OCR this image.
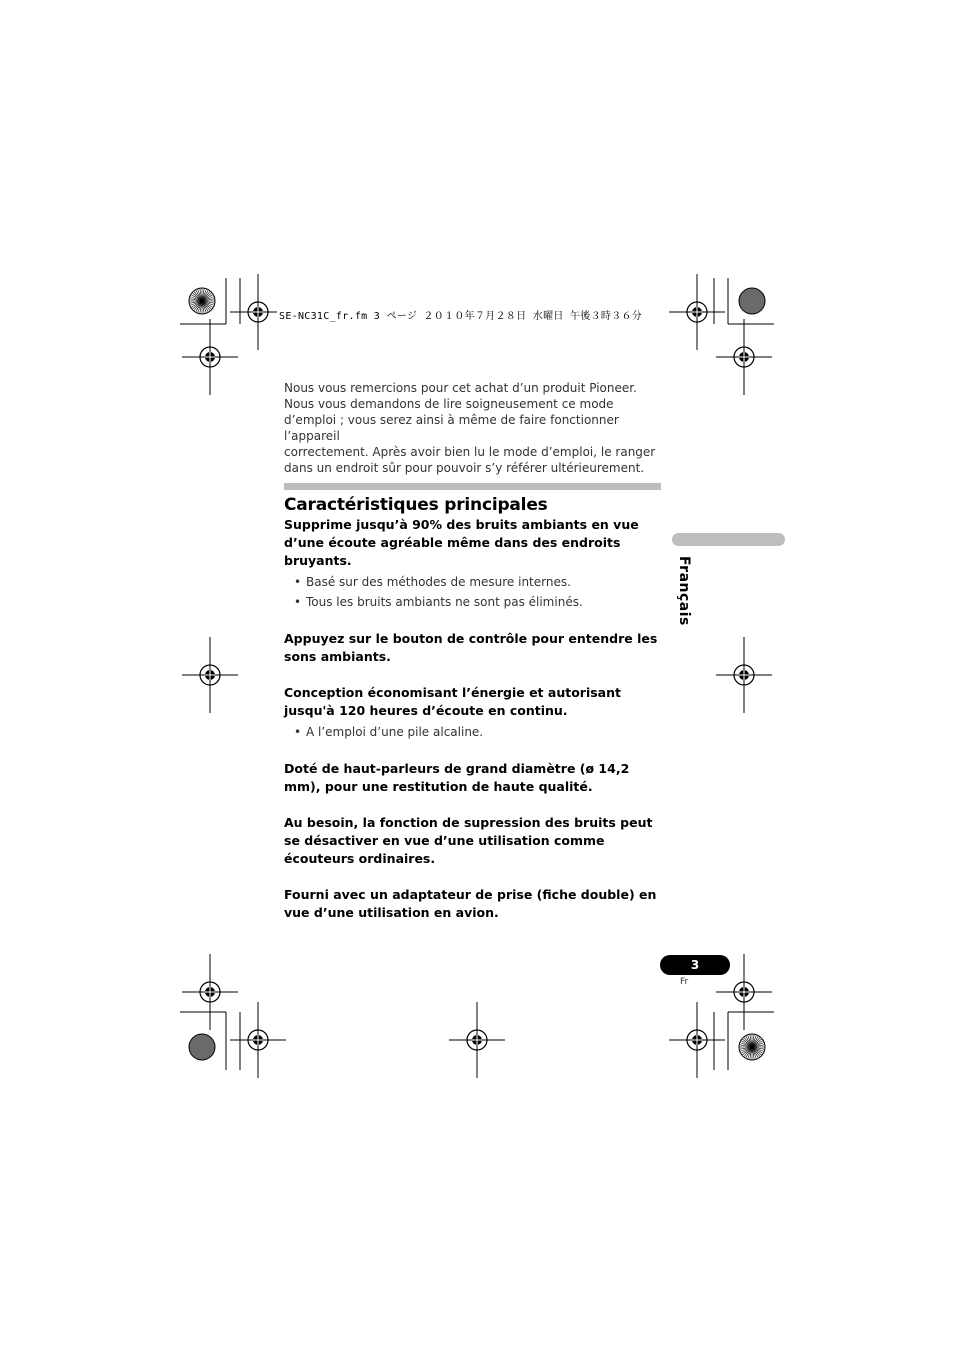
SE-NC31C_fr.fm 3 ページ ２０１０年７月２８日 水曜日 午後３時３６分

Nous vous remercions pour cet achat d’un produit Pioneer.

Nous vous demandons de lire soigneusement ce mode

d’emploi ; vous serez ainsi à même de faire fonctionner l’appareil

correctement. Après avoir bien lu le mode d’emploi, le ranger

dans un endroit sûr pour pouvoir s’y référer ultérieurement.

Caractéristiques principales

Supprime jusqu’à 90% des bruits ambiants en vue d’une écoute agréable même dans des endroits bruyants.

• Basé sur des méthodes de mesure internes.
• Tous les bruits ambiants ne sont pas éliminés.

Appuyez sur le bouton de contrôle pour entendre les sons ambiants.

Conception économisant l’énergie et autorisant jusqu'à 120 heures d’écoute en continu.

• A l’emploi d’une pile alcaline.

Doté de haut-parleurs de grand diamètre (ø 14,2 mm), pour une restitution de haute qualité.

Au besoin, la fonction de supression des bruits peut se désactiver en vue d’une utilisation comme écouteurs ordinaires.

Fourni avec un adaptateur de prise (fiche double) en vue d’une utilisation en avion.

Français
3
Fr
